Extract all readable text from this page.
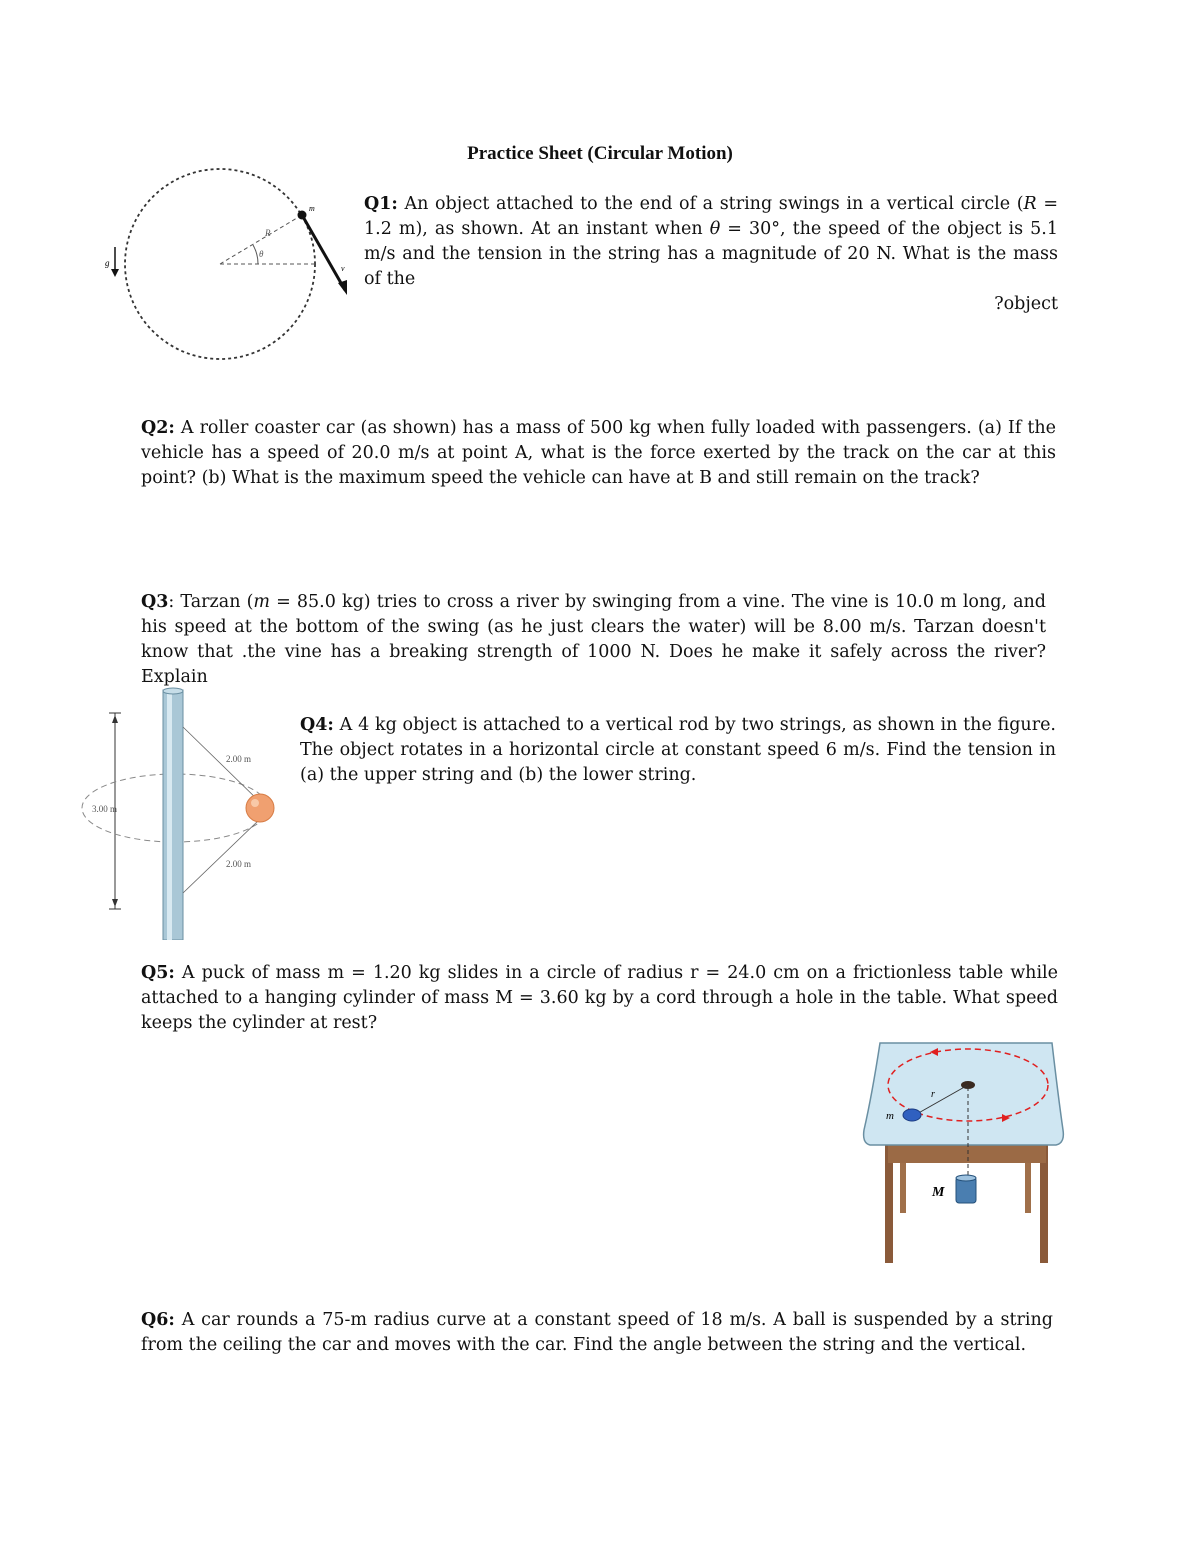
Practice Sheet (Circular Motion)
g
m
R
θ
v
Q1: An object attached to the end of a string swings in a vertical circle (R = 1.2 m), as shown. At an instant when θ = 30°, the speed of the object is 5.1 m/s and the tension in the string has a magnitude of 20 N. What is the mass of the
?object
Q2: A roller coaster car (as shown) has a mass of 500 kg when fully loaded with passengers. (a) If the vehicle has a speed of 20.0 m/s at point A, what is the force exerted by the track on the car at this point? (b) What is the maximum speed the vehicle can have at B and still remain on the track?
Q3: Tarzan (m = 85.0 kg) tries to cross a river by swinging from a vine. The vine is 10.0 m long, and his speed at the bottom of the swing (as he just clears the water) will be 8.00 m/s. Tarzan doesn't know that .the vine has a breaking strength of 1000 N. Does he make it safely across the river? Explain
2.00 m
2.00 m
3.00 m
Q4: A 4 kg object is attached to a vertical rod by two strings, as shown in the figure. The object rotates in a horizontal circle at constant speed 6 m/s. Find the tension in (a) the upper string and (b) the lower string.
Q5: A puck of mass m = 1.20 kg slides in a circle of radius r = 24.0 cm on a frictionless table while attached to a hanging cylinder of mass M = 3.60 kg by a cord through a hole in the table. What speed keeps the cylinder at rest?
m
r
M
Q6: A car rounds a 75-m radius curve at a constant speed of 18 m/s. A ball is suspended by a string from the ceiling the car and moves with the car. Find the angle between the string and the vertical.
